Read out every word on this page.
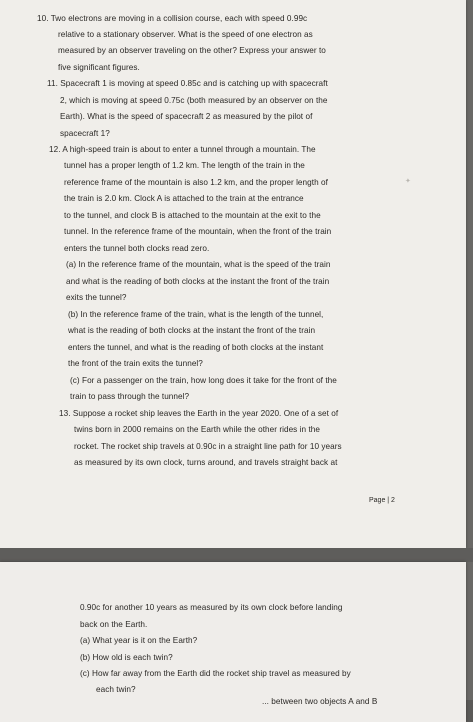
10. Two electrons are moving in a collision course, each with speed 0.99c
relative to a stationary observer. What is the speed of one electron as
measured by an observer traveling on the other? Express your answer to
five significant figures.
11. Spacecraft 1 is moving at speed 0.85c and is catching up with spacecraft
2, which is moving at speed 0.75c (both measured by an observer on the
Earth). What is the speed of spacecraft 2 as measured by the pilot of
spacecraft 1?
12. A high-speed train is about to enter a tunnel through a mountain. The
tunnel has a proper length of 1.2 km. The length of the train in the
reference frame of the mountain is also 1.2 km, and the proper length of
the train is 2.0 km. Clock A is attached to the train at the entrance
to the tunnel, and clock B is attached to the mountain at the exit to the
tunnel. In the reference frame of the mountain, when the front of the train
enters the tunnel both clocks read zero.
(a) In the reference frame of the mountain, what is the speed of the train
and what is the reading of both clocks at the instant the front of the train
exits the tunnel?
(b) In the reference frame of the train, what is the length of the tunnel,
what is the reading of both clocks at the instant the front of the train
enters the tunnel, and what is the reading of both clocks at the instant
the front of the train exits the tunnel?
(c) For a passenger on the train, how long does it take for the front of the
train to pass through the tunnel?
13. Suppose a rocket ship leaves the Earth in the year 2020. One of a set of
twins born in 2000 remains on the Earth while the other rides in the
rocket. The rocket ship travels at 0.90c in a straight line path for 10 years
as measured by its own clock, turns around, and travels straight back at
Page | 2
✦
0.90c for another 10 years as measured by its own clock before landing
back on the Earth.
(a) What year is it on the Earth?
(b) How old is each twin?
(c) How far away from the Earth did the rocket ship travel as measured by
each twin?
... between two objects A and B
